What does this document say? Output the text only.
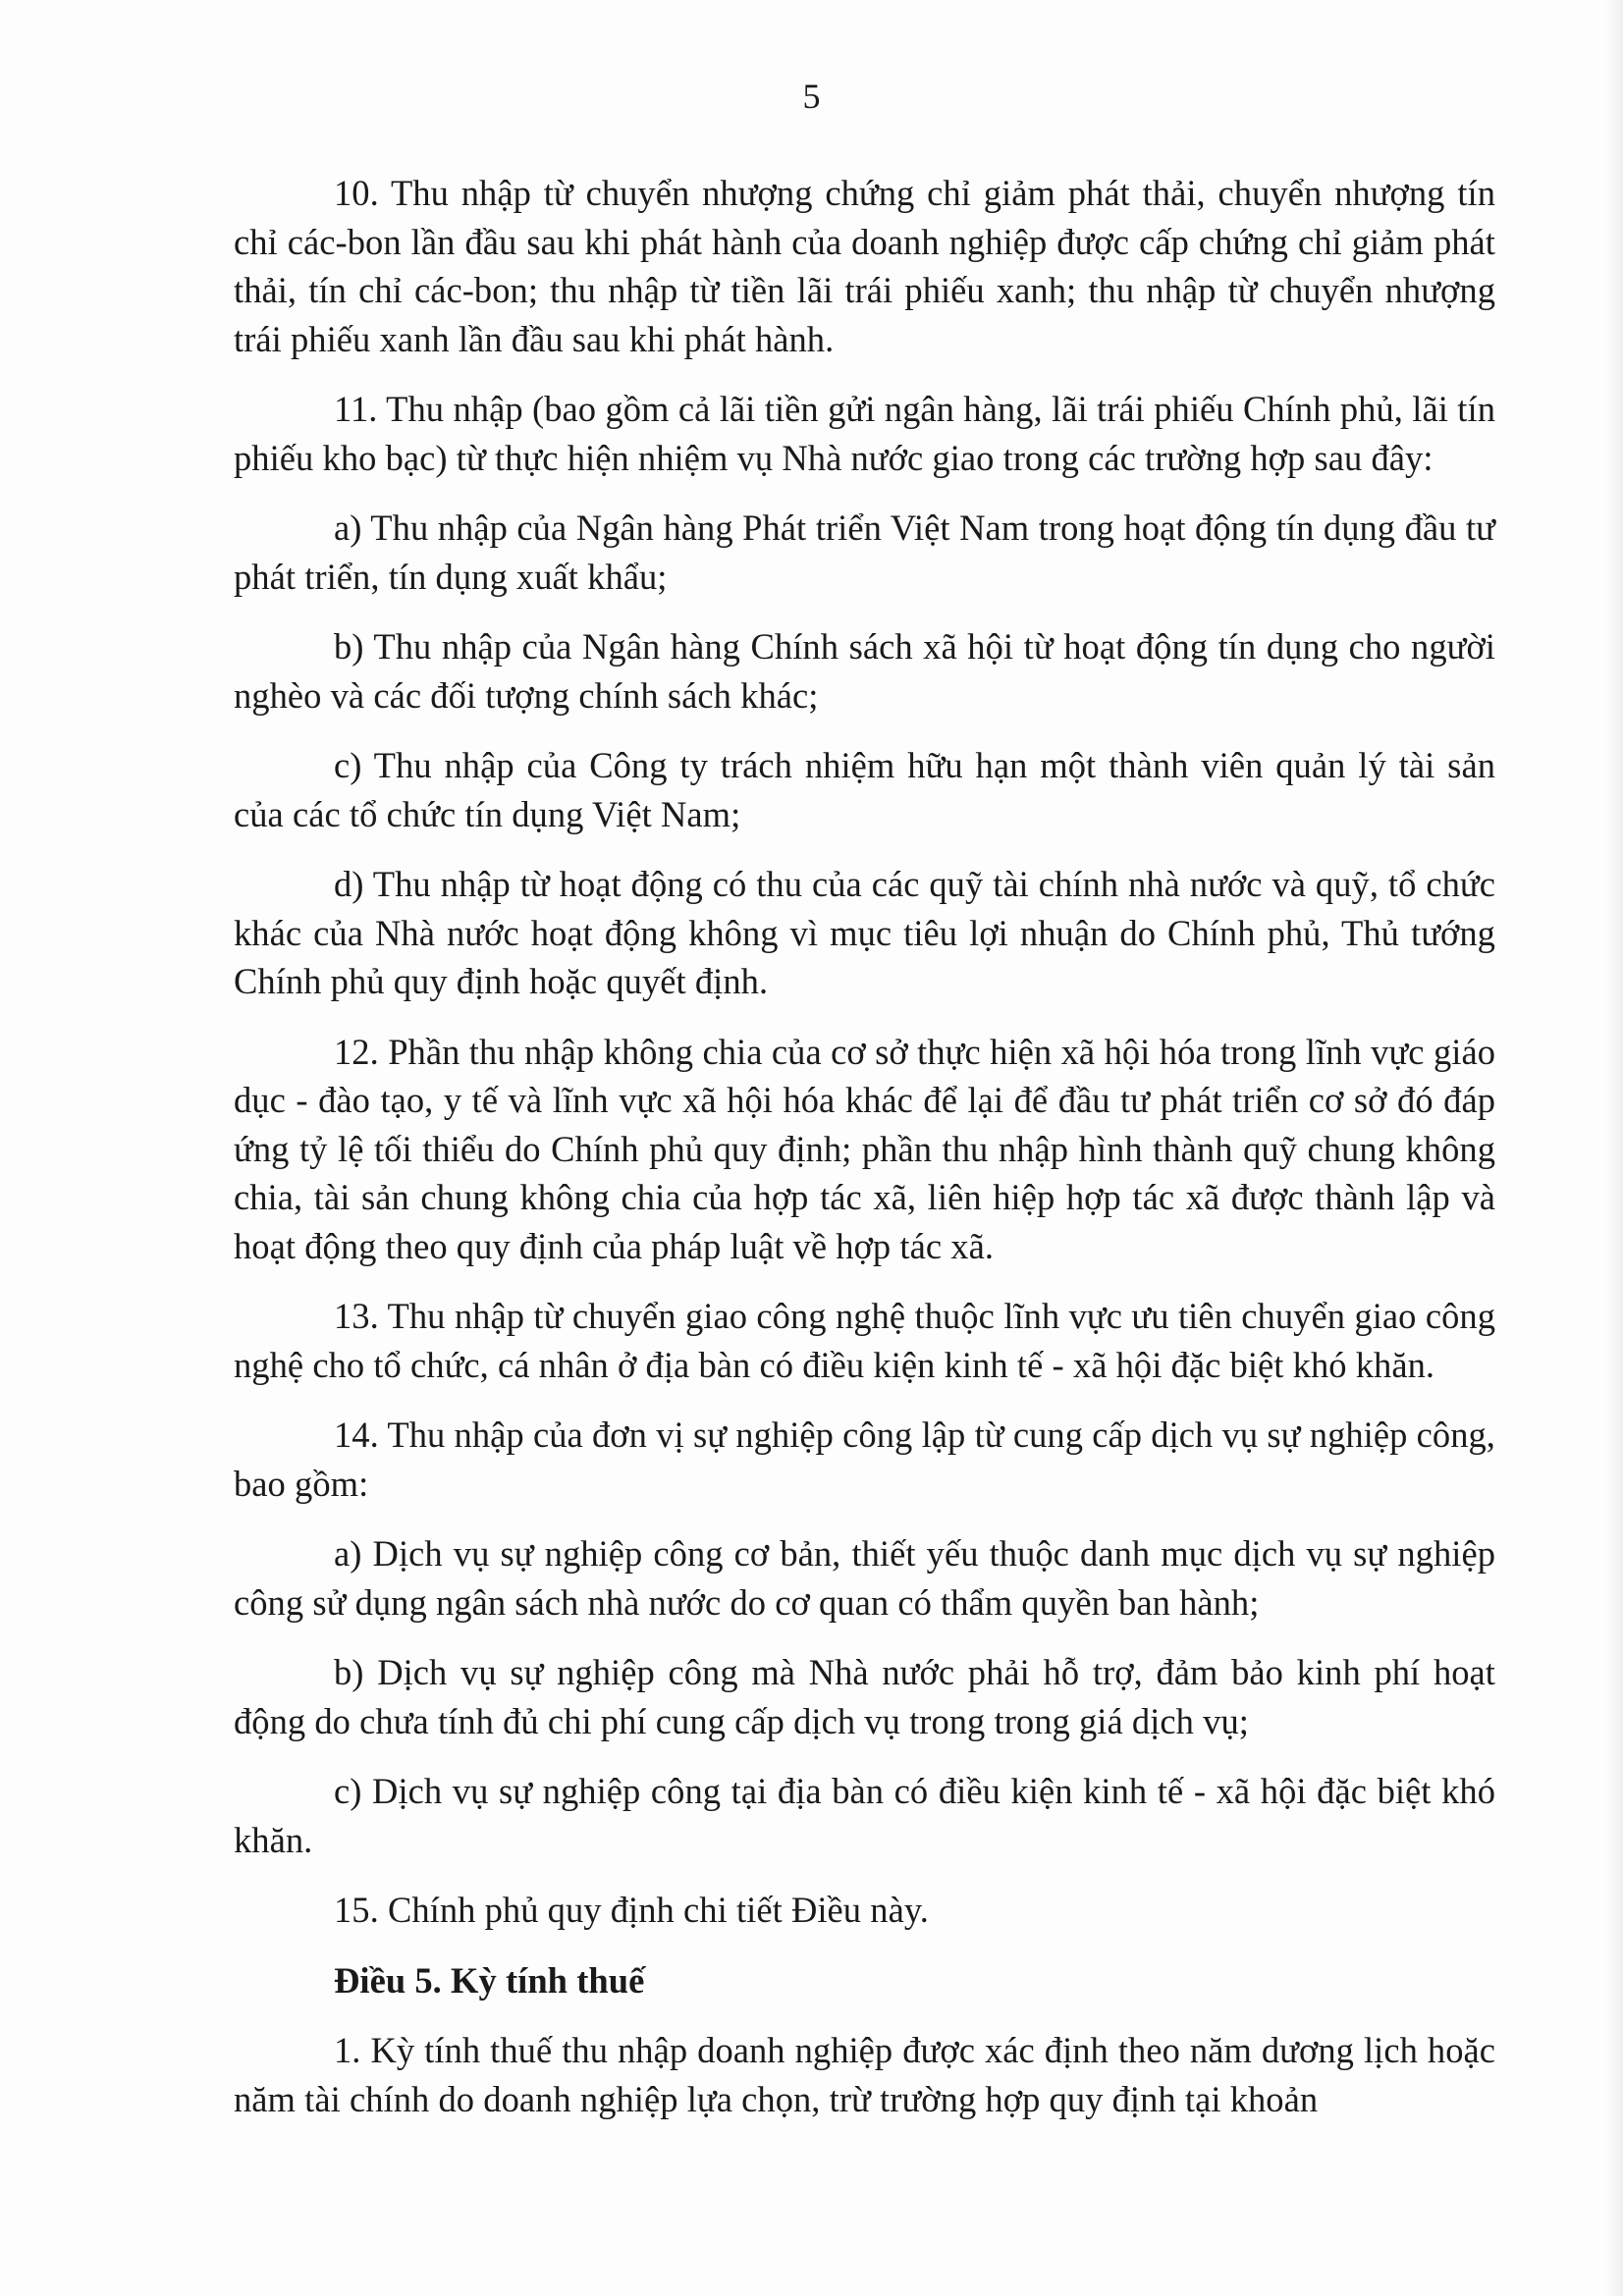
5

10. Thu nhập từ chuyển nhượng chứng chỉ giảm phát thải, chuyển nhượng tín chỉ các-bon lần đầu sau khi phát hành của doanh nghiệp được cấp chứng chỉ giảm phát thải, tín chỉ các-bon; thu nhập từ tiền lãi trái phiếu xanh; thu nhập từ chuyển nhượng trái phiếu xanh lần đầu sau khi phát hành.

11. Thu nhập (bao gồm cả lãi tiền gửi ngân hàng, lãi trái phiếu Chính phủ, lãi tín phiếu kho bạc) từ thực hiện nhiệm vụ Nhà nước giao trong các trường hợp sau đây:

a) Thu nhập của Ngân hàng Phát triển Việt Nam trong hoạt động tín dụng đầu tư phát triển, tín dụng xuất khẩu;

b) Thu nhập của Ngân hàng Chính sách xã hội từ hoạt động tín dụng cho người nghèo và các đối tượng chính sách khác;

c) Thu nhập của Công ty trách nhiệm hữu hạn một thành viên quản lý tài sản của các tổ chức tín dụng Việt Nam;

d) Thu nhập từ hoạt động có thu của các quỹ tài chính nhà nước và quỹ, tổ chức khác của Nhà nước hoạt động không vì mục tiêu lợi nhuận do Chính phủ, Thủ tướng Chính phủ quy định hoặc quyết định.

12. Phần thu nhập không chia của cơ sở thực hiện xã hội hóa trong lĩnh vực giáo dục - đào tạo, y tế và lĩnh vực xã hội hóa khác để lại để đầu tư phát triển cơ sở đó đáp ứng tỷ lệ tối thiểu do Chính phủ quy định; phần thu nhập hình thành quỹ chung không chia, tài sản chung không chia của hợp tác xã, liên hiệp hợp tác xã được thành lập và hoạt động theo quy định của pháp luật về hợp tác xã.

13. Thu nhập từ chuyển giao công nghệ thuộc lĩnh vực ưu tiên chuyển giao công nghệ cho tổ chức, cá nhân ở địa bàn có điều kiện kinh tế - xã hội đặc biệt khó khăn.

14. Thu nhập của đơn vị sự nghiệp công lập từ cung cấp dịch vụ sự nghiệp công, bao gồm:

a) Dịch vụ sự nghiệp công cơ bản, thiết yếu thuộc danh mục dịch vụ sự nghiệp công sử dụng ngân sách nhà nước do cơ quan có thẩm quyền ban hành;

b) Dịch vụ sự nghiệp công mà Nhà nước phải hỗ trợ, đảm bảo kinh phí hoạt động do chưa tính đủ chi phí cung cấp dịch vụ trong trong giá dịch vụ;

c) Dịch vụ sự nghiệp công tại địa bàn có điều kiện kinh tế - xã hội đặc biệt khó khăn.

15. Chính phủ quy định chi tiết Điều này.

Điều 5. Kỳ tính thuế

1. Kỳ tính thuế thu nhập doanh nghiệp được xác định theo năm dương lịch hoặc năm tài chính do doanh nghiệp lựa chọn, trừ trường hợp quy định tại khoản
